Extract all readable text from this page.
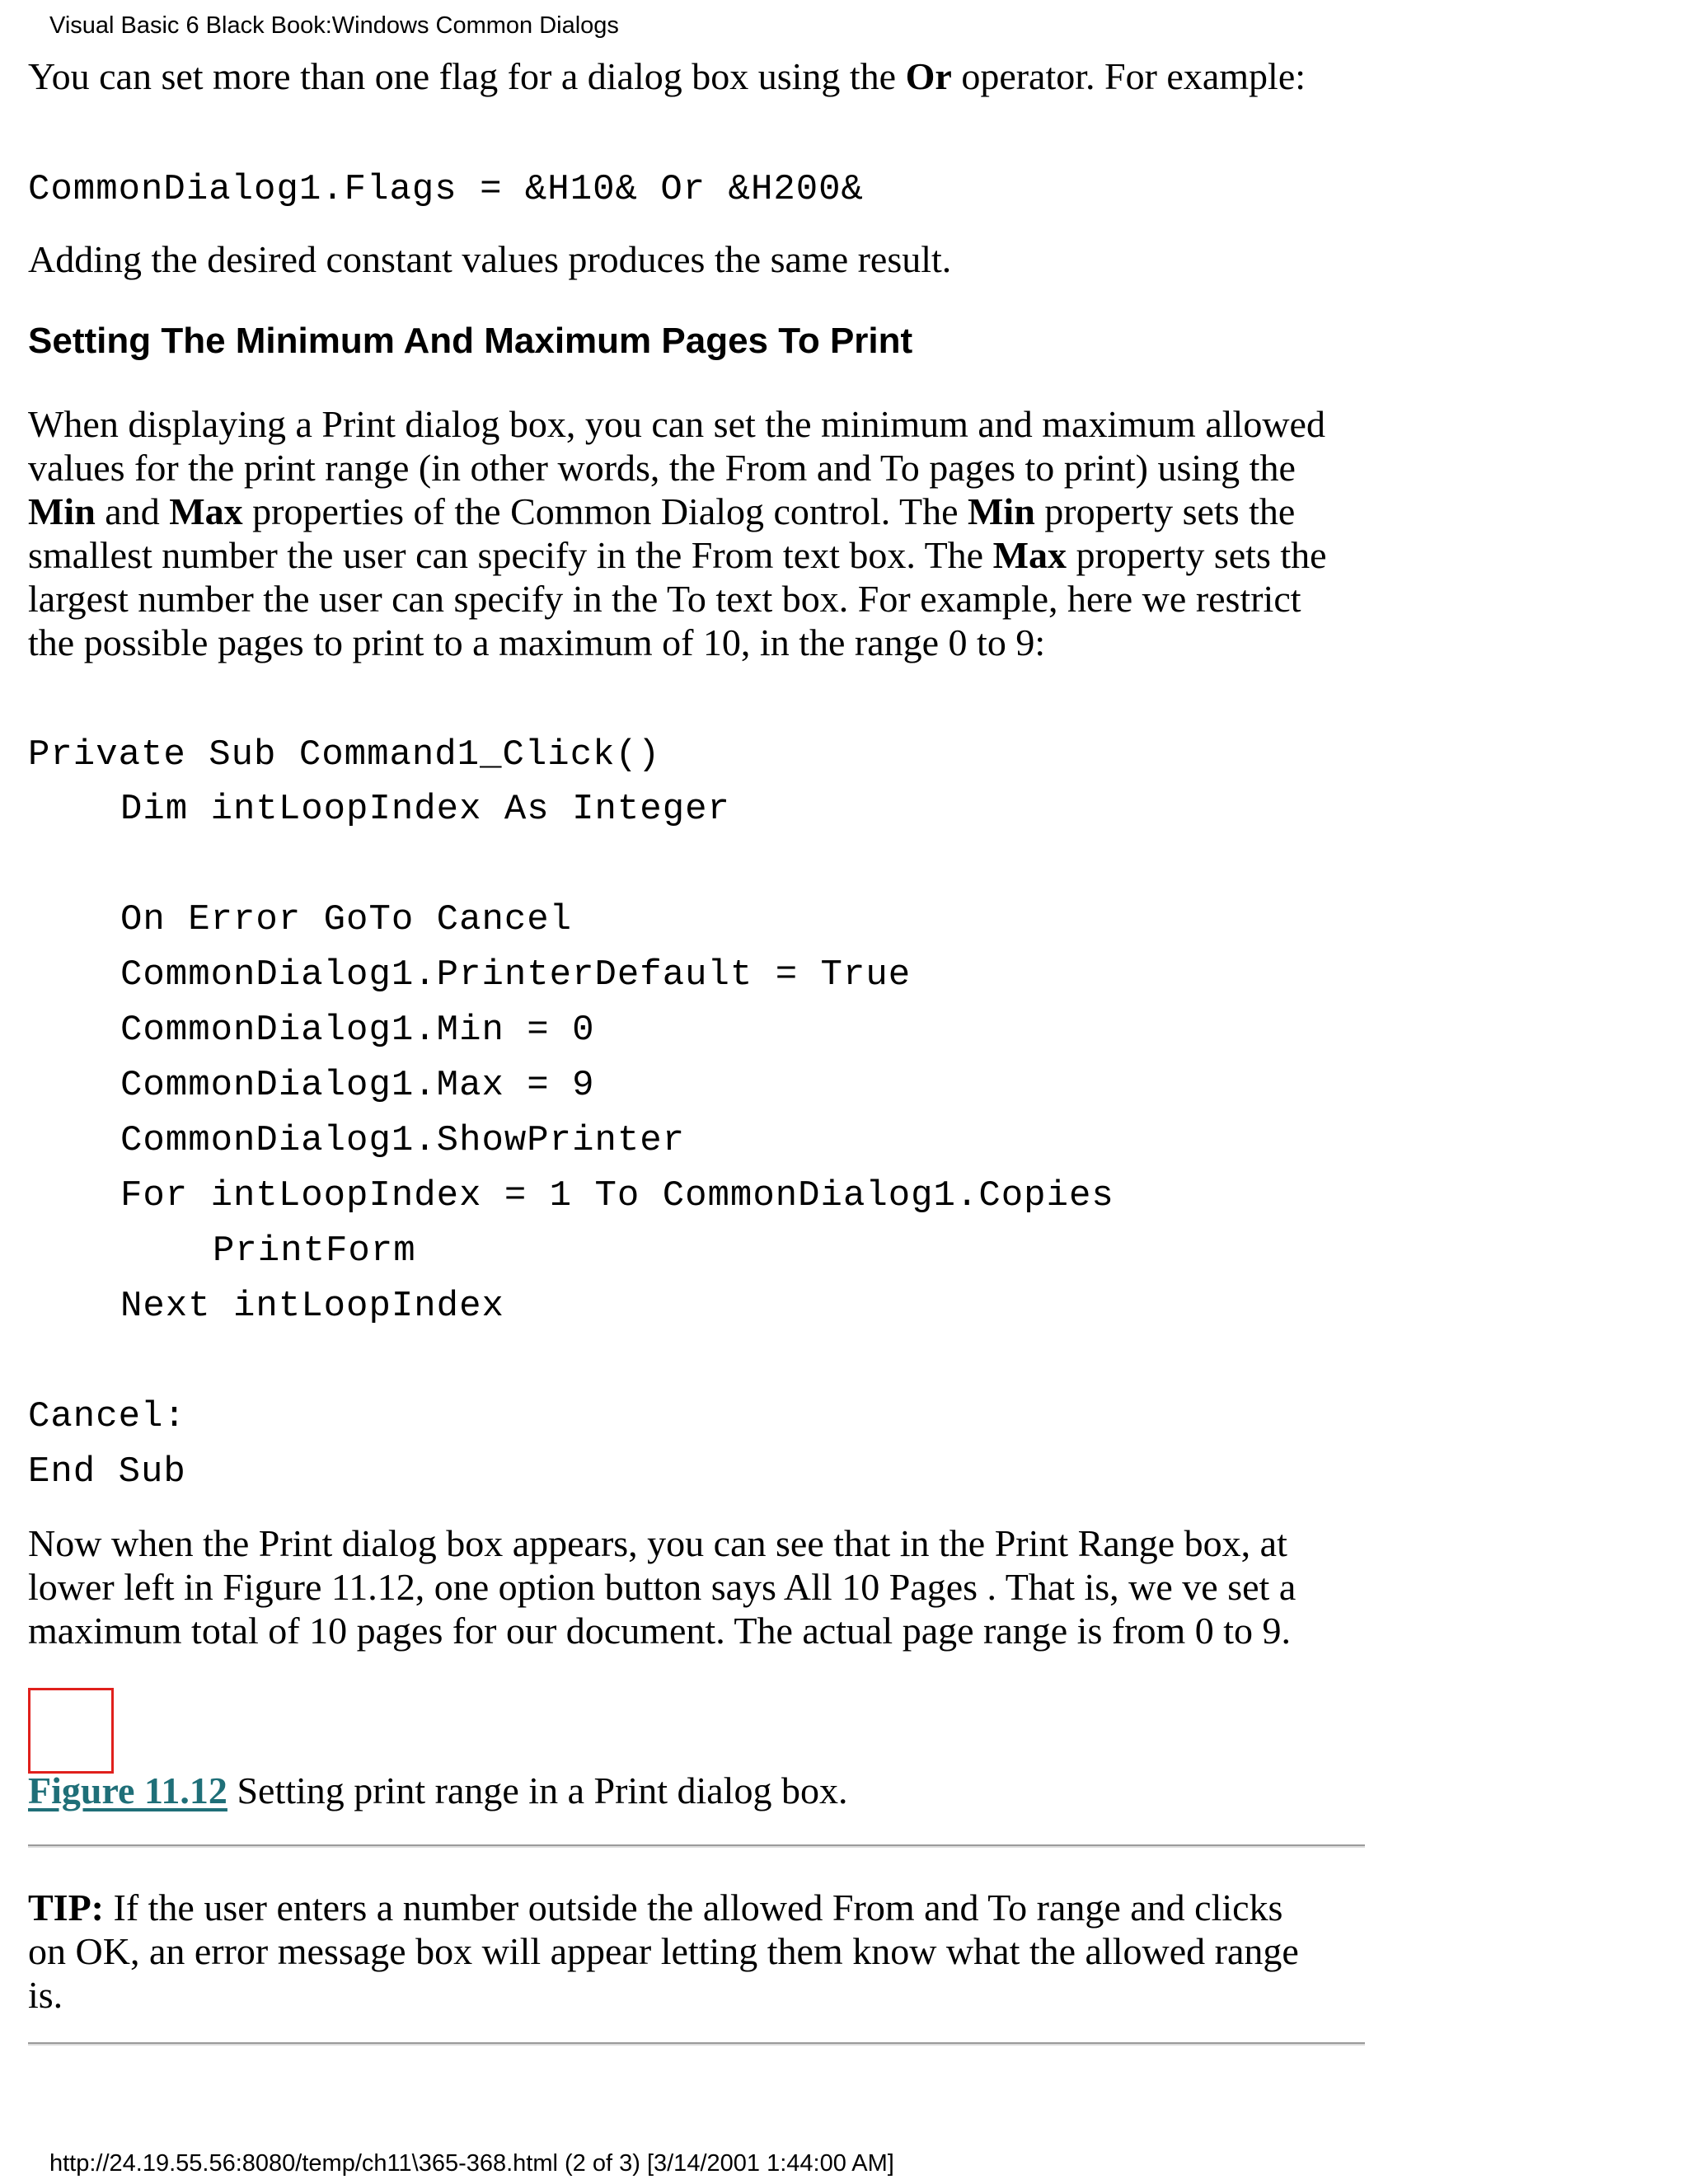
Visual Basic 6 Black Book:Windows Common Dialogs
You can set more than one flag for a dialog box using the Or operator. For example:
CommonDialog1.Flags = &H10& Or &H200&
Adding the desired constant values produces the same result.
Setting The Minimum And Maximum Pages To Print
When displaying a Print dialog box, you can set the minimum and maximum allowed
values for the print range (in other words, the From and To pages to print) using the
Min and Max properties of the Common Dialog control. The Min property sets the
smallest number the user can specify in the From text box. The Max property sets the
largest number the user can specify in the To text box. For example, here we restrict
the possible pages to print to a maximum of 10, in the range 0 to 9:
Private Sub Command1_Click()
Dim intLoopIndex As Integer
On Error GoTo Cancel
CommonDialog1.PrinterDefault = True
CommonDialog1.Min = 0
CommonDialog1.Max = 9
CommonDialog1.ShowPrinter
For intLoopIndex = 1 To CommonDialog1.Copies
PrintForm
Next intLoopIndex
Cancel:
End Sub
Now when the Print dialog box appears, you can see that in the Print Range box, at
lower left in Figure 11.12, one option button says All 10 Pages . That is, we ve set a
maximum total of 10 pages for our document. The actual page range is from 0 to 9.
Figure 11.12 Setting print range in a Print dialog box.
TIP: If the user enters a number outside the allowed From and To range and clicks
on OK, an error message box will appear letting them know what the allowed range
is.
http://24.19.55.56:8080/temp/ch11\365-368.html (2 of 3) [3/14/2001 1:44:00 AM]
